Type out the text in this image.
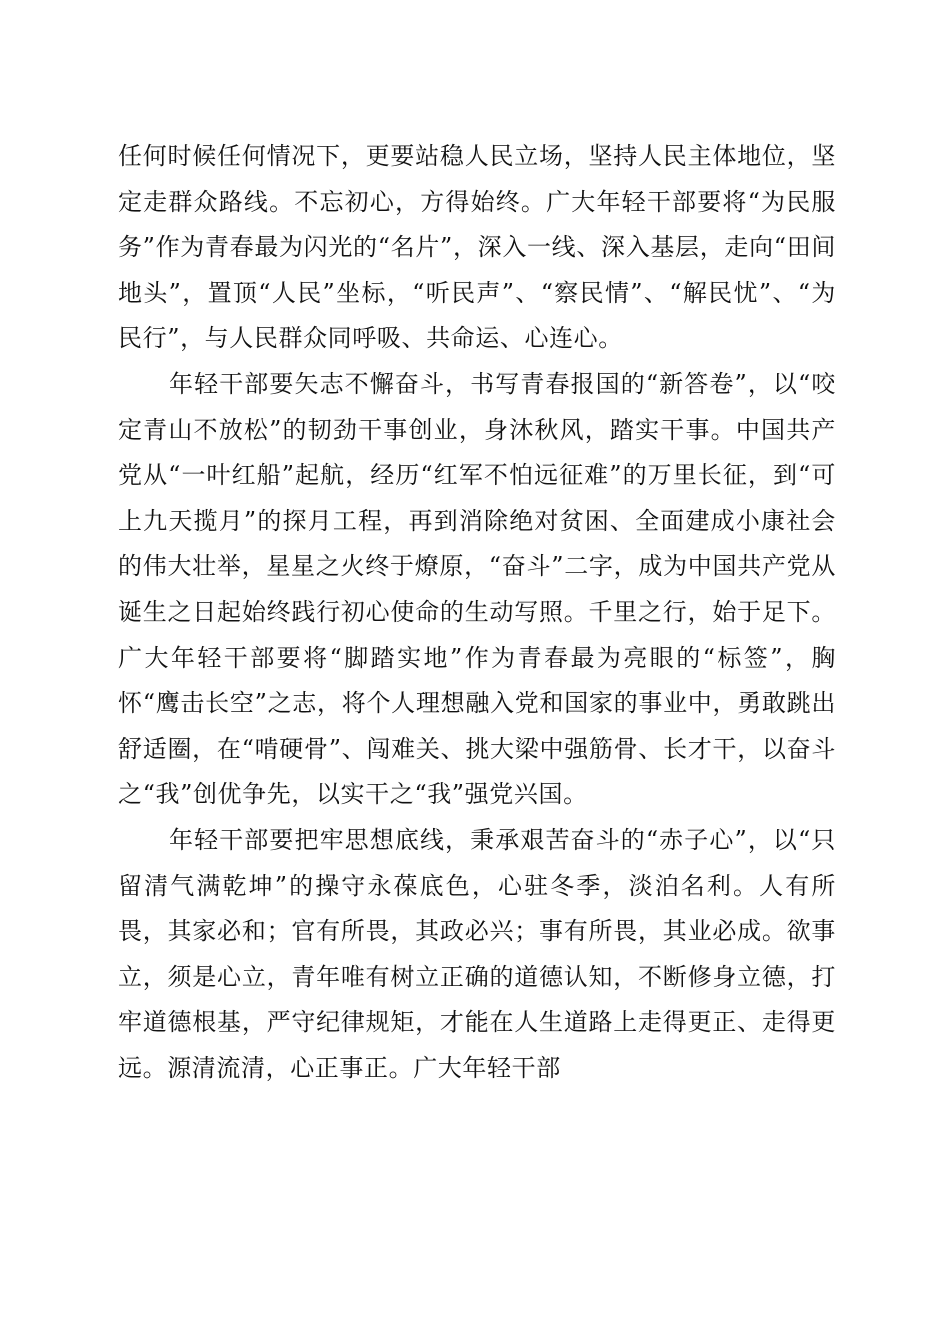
任何时候任何情况下，更要站稳人民立场，坚持人民主体地位，坚定走群众路线。不忘初心，方得始终。广大年轻干部要将“为民服务”作为青春最为闪光的“名片”，深入一线、深入基层，走向“田间地头”，置顶“人民”坐标，“听民声”、“察民情”、“解民忧”、“为民行”，与人民群众同呼吸、共命运、心连心。

年轻干部要矢志不懈奋斗，书写青春报国的“新答卷”，以“咬定青山不放松”的韧劲干事创业，身沐秋风，踏实干事。中国共产党从“一叶红船”起航，经历“红军不怕远征难”的万里长征，到“可上九天揽月”的探月工程，再到消除绝对贫困、全面建成小康社会的伟大壮举，星星之火终于燎原，“奋斗”二字，成为中国共产党从诞生之日起始终践行初心使命的生动写照。千里之行，始于足下。广大年轻干部要将“脚踏实地”作为青春最为亮眼的“标签”，胸怀“鹰击长空”之志，将个人理想融入党和国家的事业中，勇敢跳出舒适圈，在“啃硬骨”、闯难关、挑大梁中强筋骨、长才干，以奋斗之“我”创优争先，以实干之“我”强党兴国。

年轻干部要把牢思想底线，秉承艰苦奋斗的“赤子心”，以“只留清气满乾坤”的操守永葆底色，心驻冬季，淡泊名利。人有所畏，其家必和；官有所畏，其政必兴；事有所畏，其业必成。欲事立，须是心立，青年唯有树立正确的道德认知，不断修身立德，打牢道德根基，严守纪律规矩，才能在人生道路上走得更正、走得更远。源清流清，心正事正。广大年轻干部
